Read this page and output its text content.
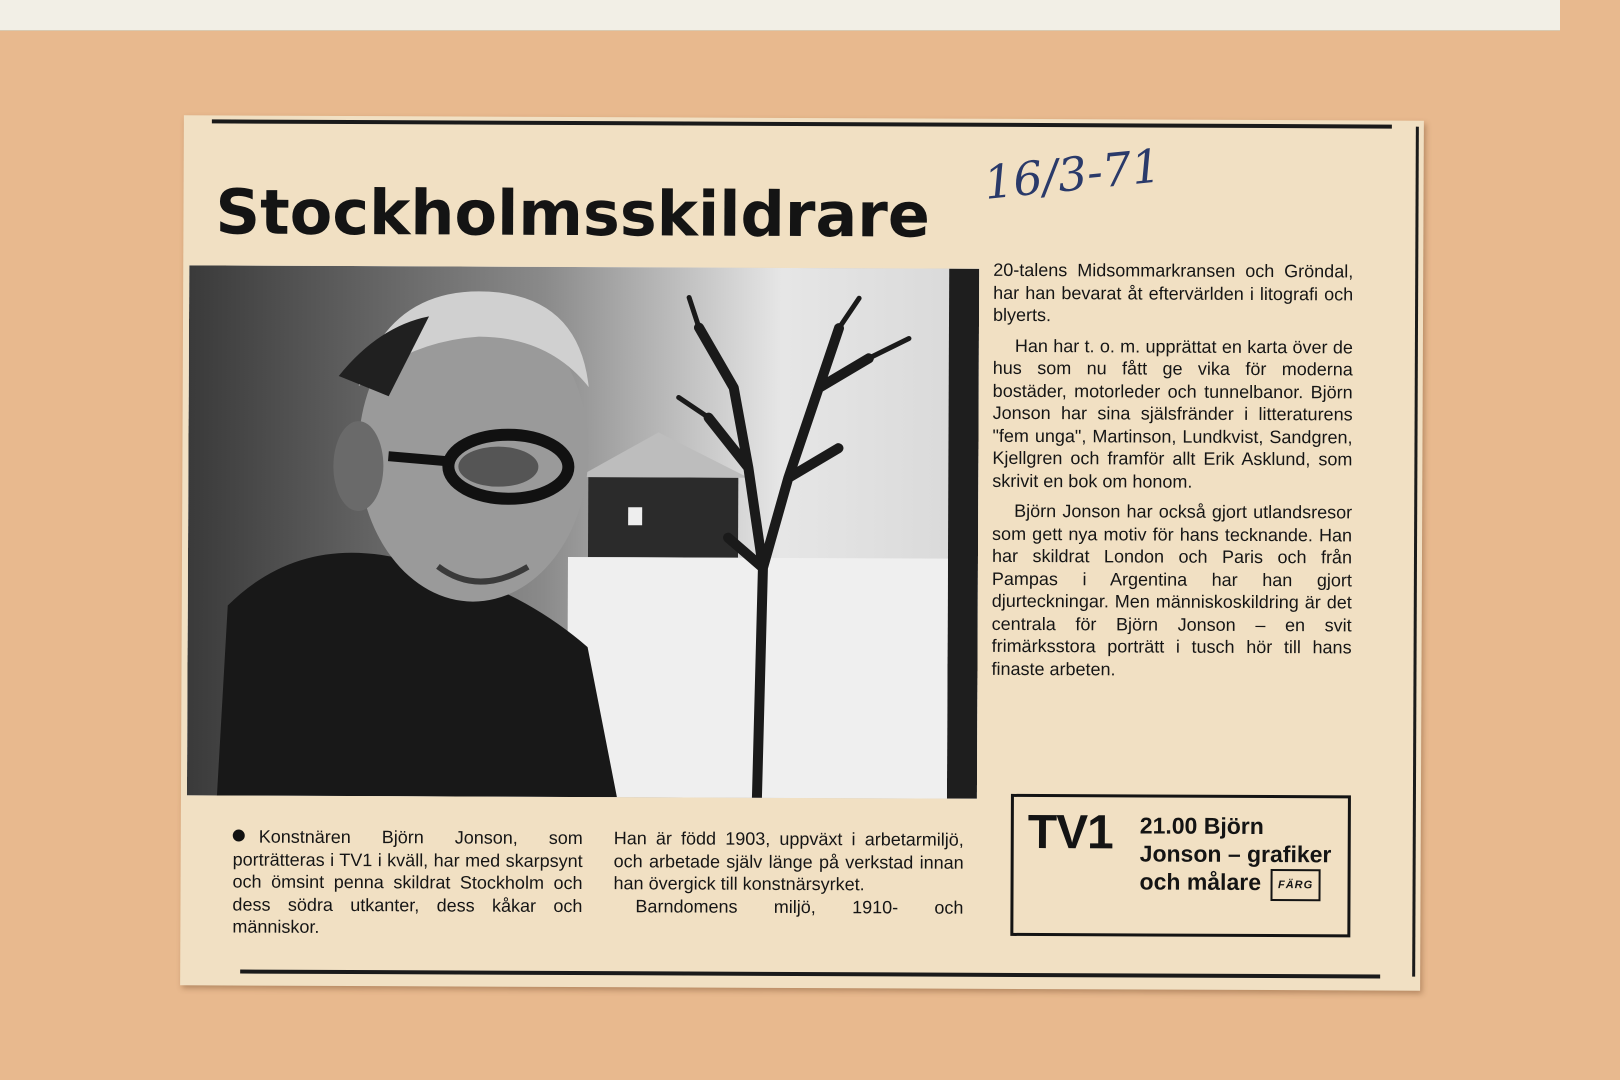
Stockholmsskildrare
16/3-71
Konstnären Björn Jonson, som porträtteras i TV1 i kväll, har med skarpsynt och ömsint penna skildrat Stockholm och dess södra utkanter, dess kåkar och människor.
Han är född 1903, uppväxt i arbetarmiljö, och arbetade själv länge på verkstad innan han övergick till konstnärsyrket.
Barndomens miljö, 1910- och

20-talens Midsommarkransen och Gröndal, har han bevarat åt eftervärlden i litografi och blyerts.

Han har t. o. m. upprättat en karta över de hus som nu fått ge vika för moderna bostäder, motorleder och tunnelbanor. Björn Jonson har sina själsfränder i litteraturens "fem unga", Martinson, Lundkvist, Sandgren, Kjellgren och framför allt Erik Asklund, som skrivit en bok om honom.

Björn Jonson har också gjort utlandsresor som gett nya motiv för hans tecknande. Han har skildrat London och Paris och från Pampas i Argentina har han gjort djurteckningar. Men människoskildring är det centrala för Björn Jonson – en svit frimärksstora porträtt i tusch hör till hans finaste arbeten.

TV1 21.00 Björn Jonson – grafiker och målare FÄRG
